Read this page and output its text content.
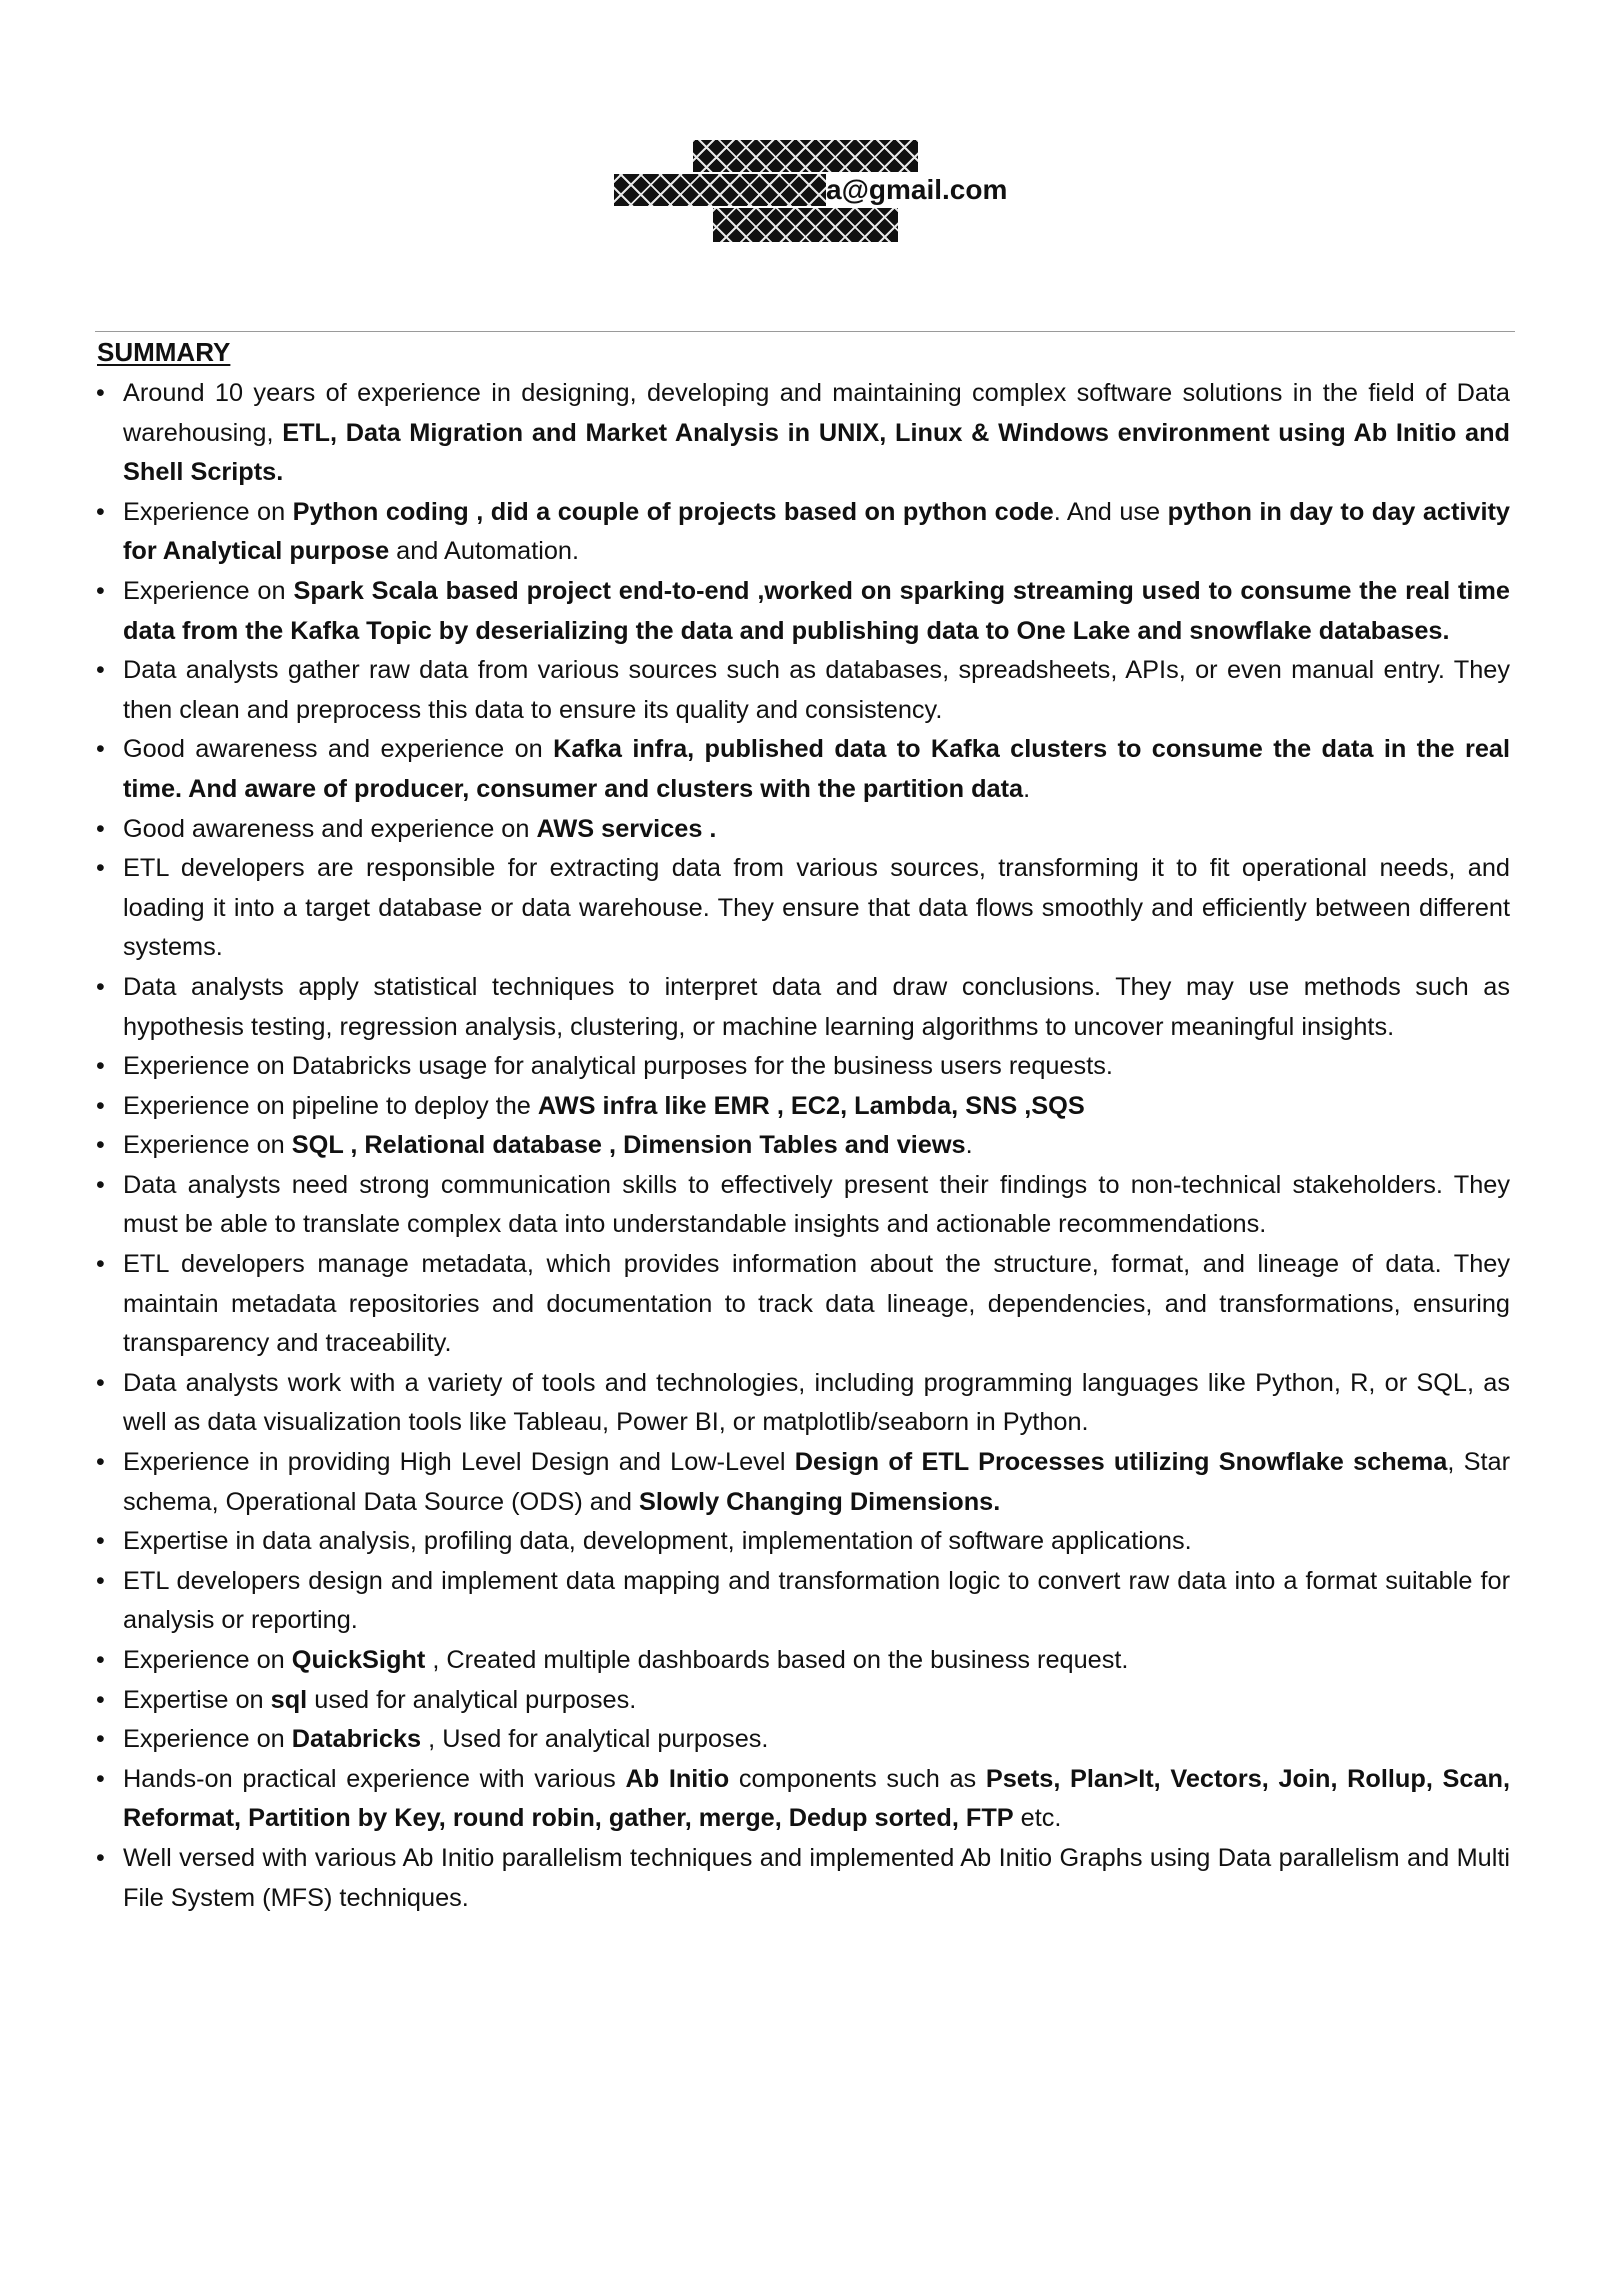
a@gmail.com
SUMMARY
• Around 10 years of experience in designing, developing and maintaining complex software solutions in the field of Data warehousing, ETL, Data Migration and Market Analysis in UNIX, Linux & Windows environment using Ab Initio and Shell Scripts.
• Experience on Python coding , did a couple of projects based on python code. And use python in day to day activity for Analytical purpose and Automation.
• Experience on Spark Scala based project end-to-end ,worked on sparking streaming used to consume the real time data from the Kafka Topic by deserializing the data and publishing data to One Lake and snowflake databases.
• Data analysts gather raw data from various sources such as databases, spreadsheets, APIs, or even manual entry. They then clean and preprocess this data to ensure its quality and consistency.
• Good awareness and experience on Kafka infra, published data to Kafka clusters to consume the data in the real time. And aware of producer, consumer and clusters with the partition data.
• Good awareness and experience on AWS services .
• ETL developers are responsible for extracting data from various sources, transforming it to fit operational needs, and loading it into a target database or data warehouse. They ensure that data flows smoothly and efficiently between different systems.
• Data analysts apply statistical techniques to interpret data and draw conclusions. They may use methods such as hypothesis testing, regression analysis, clustering, or machine learning algorithms to uncover meaningful insights.
• Experience on Databricks usage for analytical purposes for the business users requests.
• Experience on pipeline to deploy the AWS infra like EMR , EC2, Lambda, SNS ,SQS
• Experience on SQL , Relational database , Dimension Tables and views.
• Data analysts need strong communication skills to effectively present their findings to non-technical stakeholders. They must be able to translate complex data into understandable insights and actionable recommendations.
• ETL developers manage metadata, which provides information about the structure, format, and lineage of data. They maintain metadata repositories and documentation to track data lineage, dependencies, and transformations, ensuring transparency and traceability.
• Data analysts work with a variety of tools and technologies, including programming languages like Python, R, or SQL, as well as data visualization tools like Tableau, Power BI, or matplotlib/seaborn in Python.
• Experience in providing High Level Design and Low-Level Design of ETL Processes utilizing Snowflake schema, Star schema, Operational Data Source (ODS) and Slowly Changing Dimensions.
• Expertise in data analysis, profiling data, development, implementation of software applications.
• ETL developers design and implement data mapping and transformation logic to convert raw data into a format suitable for analysis or reporting.
• Experience on QuickSight , Created multiple dashboards based on the business request.
• Expertise on sql used for analytical purposes.
• Experience on Databricks , Used for analytical purposes.
• Hands-on practical experience with various Ab Initio components such as Psets, Plan>It, Vectors, Join, Rollup, Scan, Reformat, Partition by Key, round robin, gather, merge, Dedup sorted, FTP etc.
• Well versed with various Ab Initio parallelism techniques and implemented Ab Initio Graphs using Data parallelism and Multi File System (MFS) techniques.
